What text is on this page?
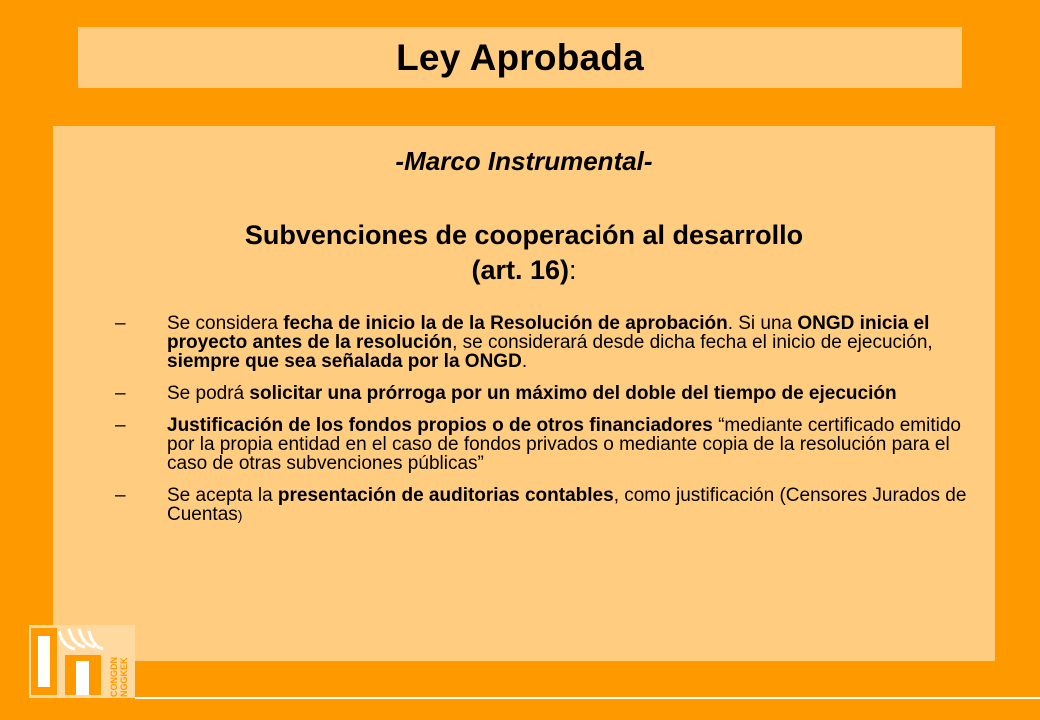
Ley Aprobada
-Marco Instrumental-
Subvenciones de cooperación al desarrollo
(art. 16):
– Se considera fecha de inicio la de la Resolución de aprobación. Si una ONGD inicia el proyecto antes de la resolución, se considerará desde dicha fecha el inicio de ejecución, siempre que sea señalada por la ONGD.
– Se podrá solicitar una prórroga por un máximo del doble del tiempo de ejecución
– Justificación de los fondos propios o de otros financiadores “mediante certificado emitido por la propia entidad en el caso de fondos privados o mediante copia de la resolución para el caso de otras subvenciones públicas”
– Se acepta la presentación de auditorias contables, como justificación (Censores Jurados de Cuentas)
CONGDN NGGKEK
